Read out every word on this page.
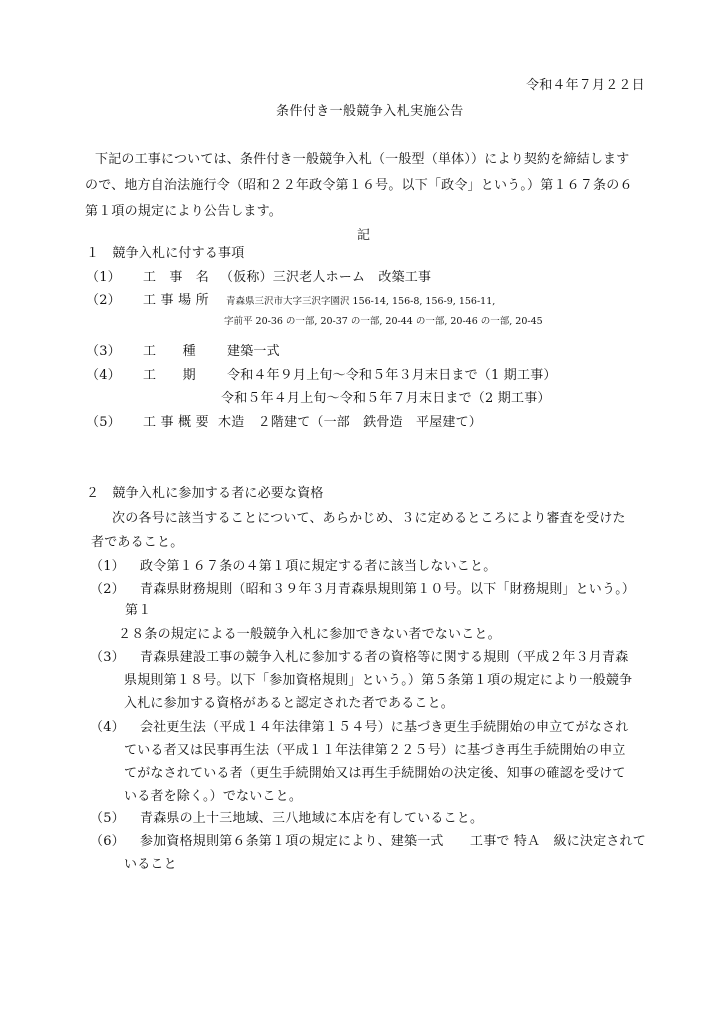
令和４年７月２２日
条件付き一般競争入札実施公告
下記の工事については、条件付き一般競争入札（一般型（単体））により契約を締結します
ので、地方自治法施行令（昭和２２年政令第１６号。以下「政令」という。）第１６７条の６
第１項の規定により公告します。
記
１　競争入札に付する事項
（1） 工　事　名 （仮称）三沢老人ホーム　改築工事
（2） 工 事 場 所 青森県三沢市大字三沢字園沢 156-14, 156-8, 156-9, 156-11,
字前平 20-36 の一部, 20-37 の一部, 20-44 の一部, 20-46 の一部, 20-45
（3） 工　　種 建築一式
（4） 工　　期 令和４年９月上旬〜令和５年３月末日まで（1 期工事）
令和５年４月上旬〜令和５年７月末日まで（2 期工事）
（5） 工 事 概 要 木造　２階建て（一部　鉄骨造　平屋建て）
２　競争入札に参加する者に必要な資格
次の各号に該当することについて、あらかじめ、３に定めるところにより審査を受けた
者であること。
（1） 政令第１６７条の４第１項に規定する者に該当しないこと。
（2） 青森県財務規則（昭和３９年３月青森県規則第１０号。以下「財務規則」という。）
第１
２８条の規定による一般競争入札に参加できない者でないこと。
（3） 青森県建設工事の競争入札に参加する者の資格等に関する規則（平成２年３月青森
県規則第１８号。以下「参加資格規則」という。）第５条第１項の規定により一般競争
入札に参加する資格があると認定された者であること。
（4） 会社更生法（平成１４年法律第１５４号）に基づき更生手続開始の申立てがなされ
ている者又は民事再生法（平成１１年法律第２２５号）に基づき再生手続開始の申立
てがなされている者（更生手続開始又は再生手続開始の決定後、知事の確認を受けて
いる者を除く。）でないこと。
（5） 青森県の上十三地域、三八地域に本店を有していること。
（6） 参加資格規則第６条第１項の規定により、建築一式　　工事で 特Ａ　級に決定されて
いること
